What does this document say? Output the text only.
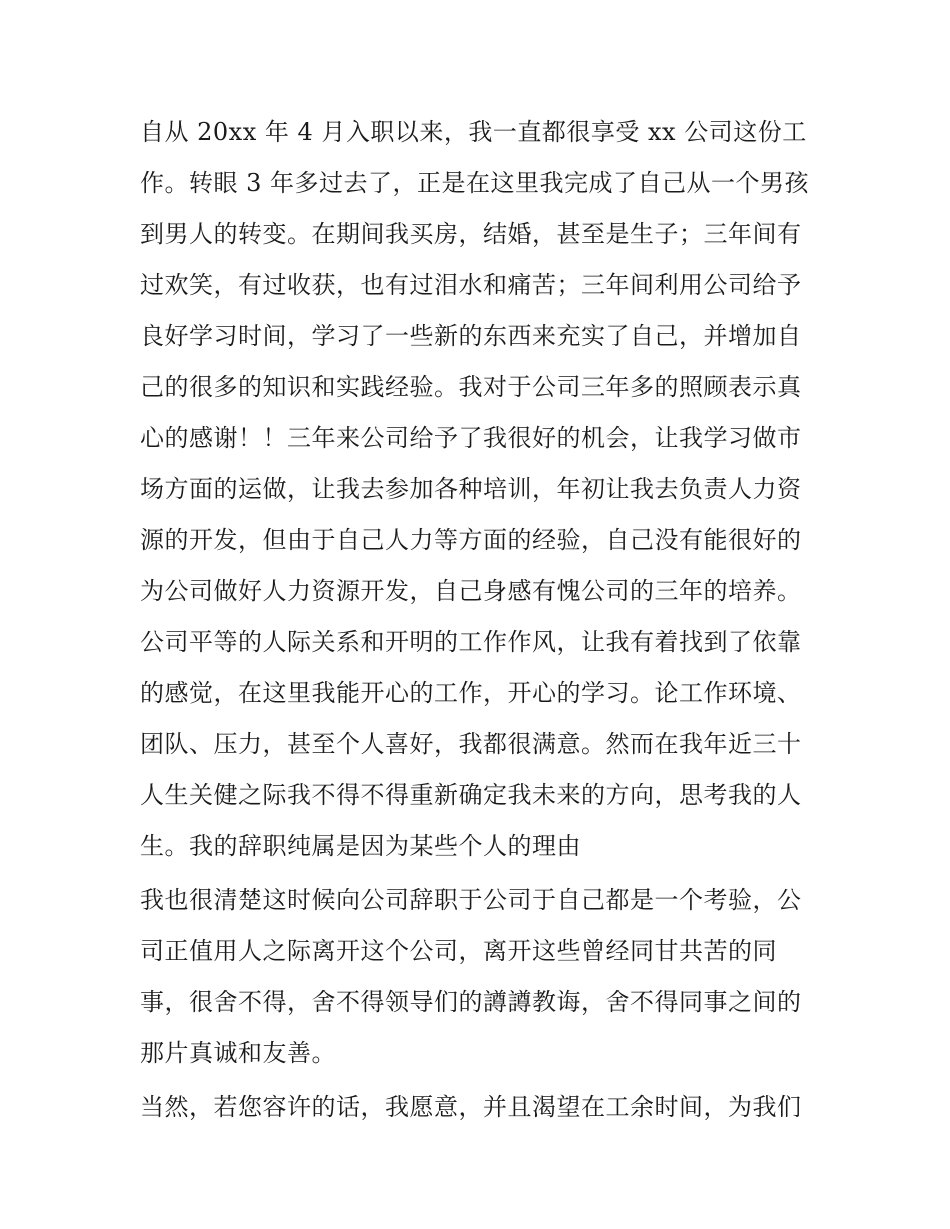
自从 20xx 年 4 月入职以来，我一直都很享受 xx 公司这份工
作。转眼 3 年多过去了，正是在这里我完成了自己从一个男孩
到男人的转变。在期间我买房，结婚，甚至是生子；三年间有
过欢笑，有过收获，也有过泪水和痛苦；三年间利用公司给予
良好学习时间，学习了一些新的东西来充实了自己，并增加自
己的很多的知识和实践经验。我对于公司三年多的照顾表示真
心的感谢！！三年来公司给予了我很好的机会，让我学习做市
场方面的运做，让我去参加各种培训，年初让我去负责人力资
源的开发，但由于自己人力等方面的经验，自己没有能很好的
为公司做好人力资源开发，自己身感有愧公司的三年的培养。
公司平等的人际关系和开明的工作作风，让我有着找到了依靠
的感觉，在这里我能开心的工作，开心的学习。论工作环境、
团队、压力，甚至个人喜好，我都很满意。然而在我年近三十
人生关健之际我不得不得重新确定我未来的方向，思考我的人
生。我的辞职纯属是因为某些个人的理由
我也很清楚这时候向公司辞职于公司于自己都是一个考验，公
司正值用人之际离开这个公司，离开这些曾经同甘共苦的同
事，很舍不得，舍不得领导们的譐譐教诲，舍不得同事之间的
那片真诚和友善。
当然，若您容许的话，我愿意，并且渴望在工余时间，为我们
